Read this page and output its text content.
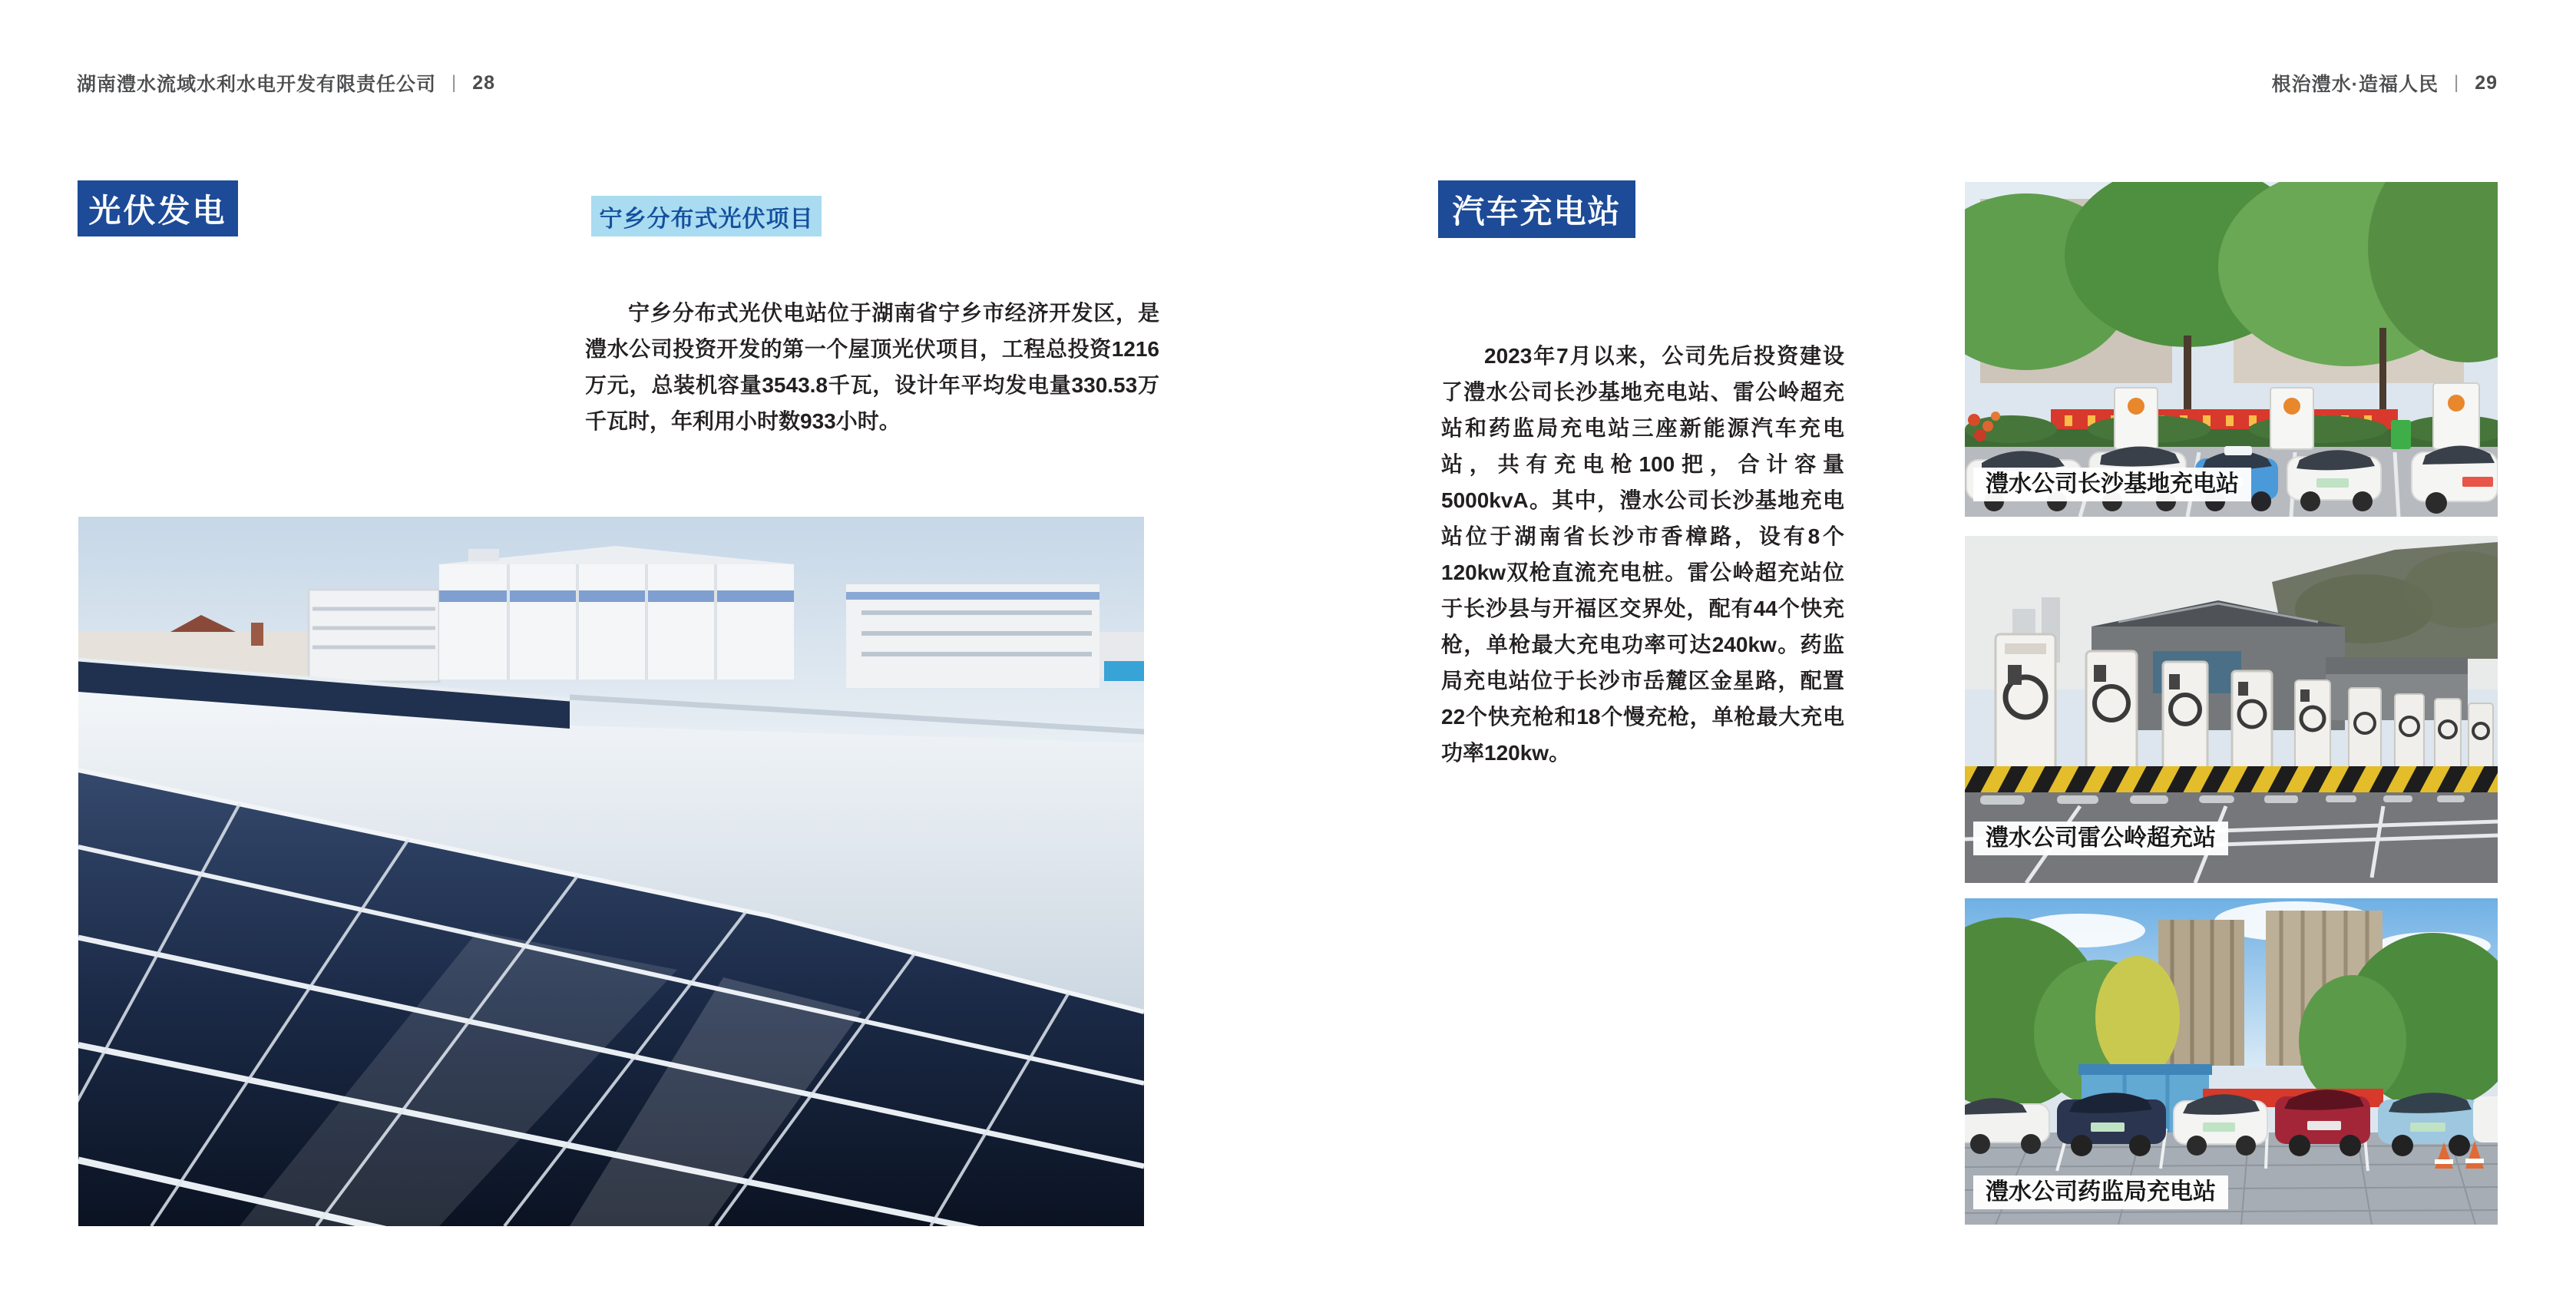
湖南澧水流域水利水电开发有限责任公司 | 28	根治澧水·造福人民 | 29
光伏发电	宁乡分布式光伏项目

宁乡分布式光伏电站位于湖南省宁乡市经济开发区，是澧水公司投资开发的第一个屋顶光伏项目，工程总投资1216万元，总装机容量3543.8千瓦，设计年平均发电量330.53万千瓦时，年利用小时数933小时。

汽车充电站

2023年7月以来，公司先后投资建设了澧水公司长沙基地充电站、雷公岭超充站和药监局充电站三座新能源汽车充电站，共有充电枪100把，合计容量5000kvA。其中，澧水公司长沙基地充电站位于湖南省长沙市香樟路，设有8个120kw双枪直流充电桩。雷公岭超充站位于长沙县与开福区交界处，配有44个快充枪，单枪最大充电功率可达240kw。药监局充电站位于长沙市岳麓区金星路，配置22个快充枪和18个慢充枪，单枪最大充电功率120kw。

澧水公司长沙基地充电站
澧水公司雷公岭超充站
澧水公司药监局充电站
